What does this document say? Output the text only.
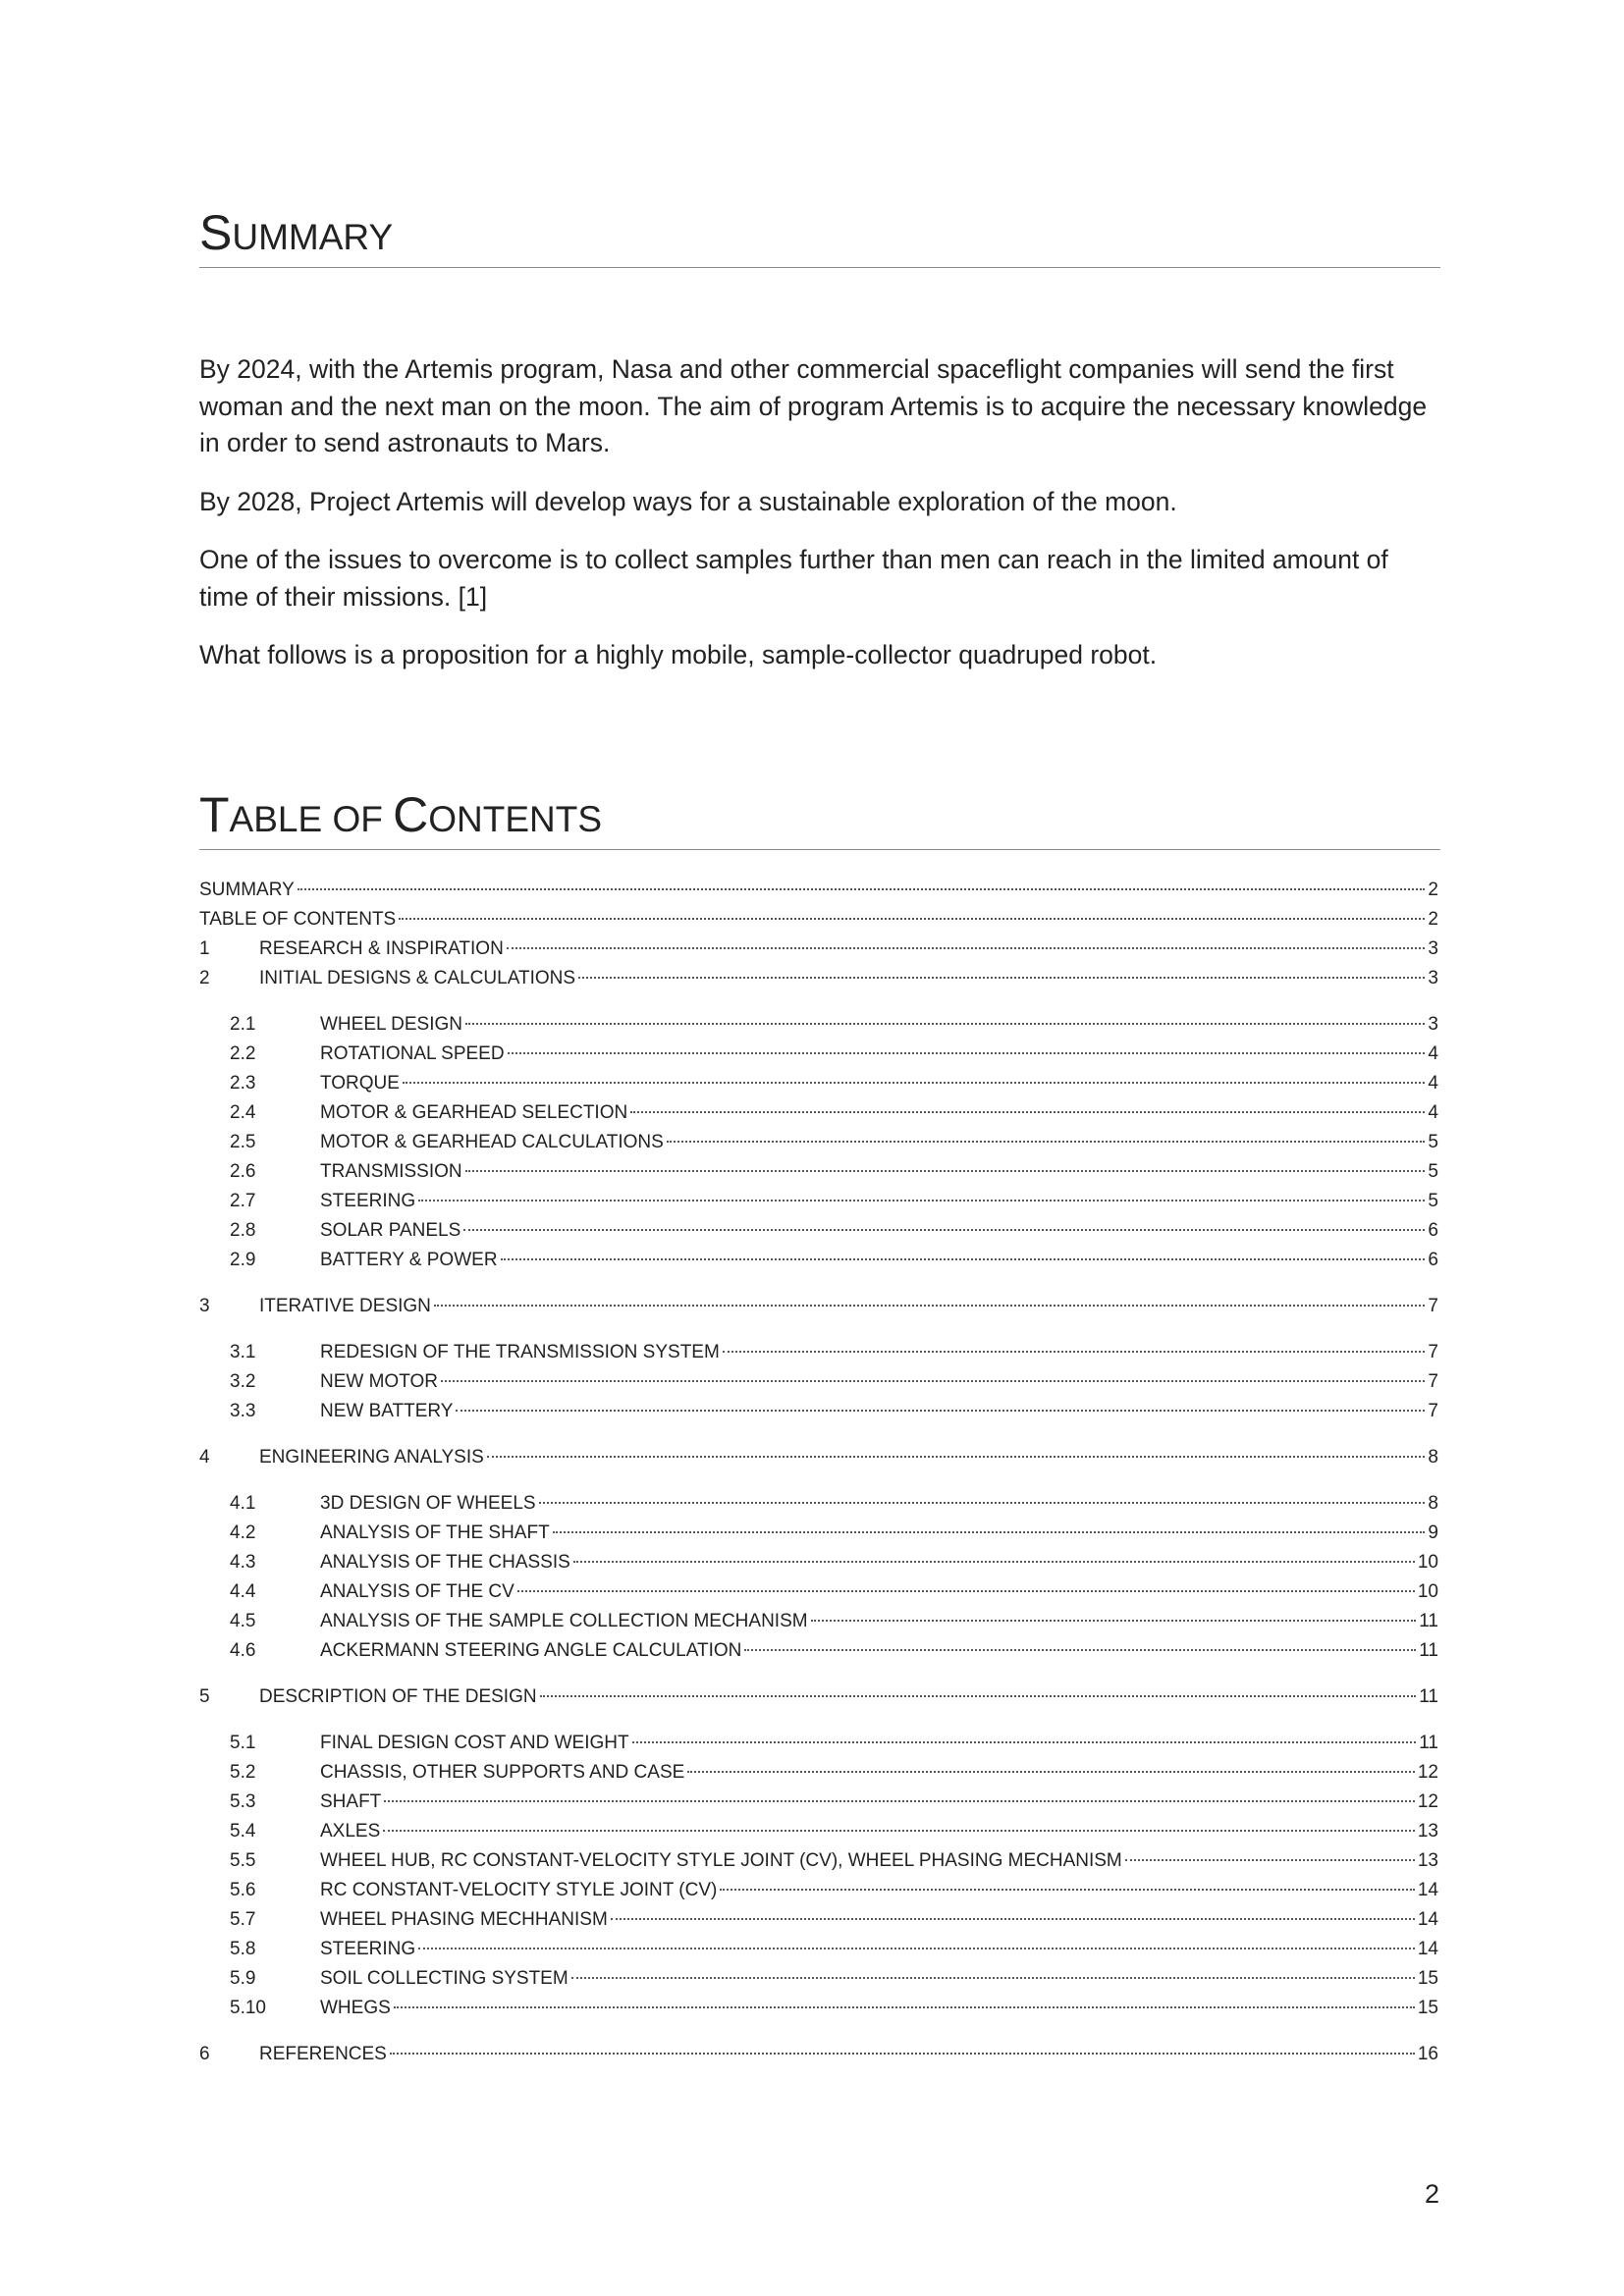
SUMMARY

By 2024, with the Artemis program, Nasa and other commercial spaceflight companies will send the first woman and the next man on the moon. The aim of program Artemis is to acquire the necessary knowledge in order to send astronauts to Mars.

By 2028, Project Artemis will develop ways for a sustainable exploration of the moon.

One of the issues to overcome is to collect samples further than men can reach in the limited amount of time of their missions. [1]

What follows is a proposition for a highly mobile, sample-collector quadruped robot.

TABLE OF CONTENTS
SUMMARY	2
TABLE OF CONTENTS	2
1	RESEARCH & INSPIRATION	3
2	INITIAL DESIGNS & CALCULATIONS	3
2.1	WHEEL DESIGN	3
2.2	ROTATIONAL SPEED	4
2.3	TORQUE	4
2.4	MOTOR & GEARHEAD SELECTION	4
2.5	MOTOR & GEARHEAD CALCULATIONS	5
2.6	TRANSMISSION	5
2.7	STEERING	5
2.8	SOLAR PANELS	6
2.9	BATTERY & POWER	6
3	ITERATIVE DESIGN	7
3.1	REDESIGN OF THE TRANSMISSION SYSTEM	7
3.2	NEW MOTOR	7
3.3	NEW BATTERY	7
4	ENGINEERING ANALYSIS	8
4.1	3D DESIGN OF WHEELS	8
4.2	ANALYSIS OF THE SHAFT	9
4.3	ANALYSIS OF THE CHASSIS	10
4.4	ANALYSIS OF THE CV	10
4.5	ANALYSIS OF THE SAMPLE COLLECTION MECHANISM	11
4.6	ACKERMANN STEERING ANGLE CALCULATION	11
5	DESCRIPTION OF THE DESIGN	11
5.1	FINAL DESIGN COST AND WEIGHT	11
5.2	CHASSIS, OTHER SUPPORTS AND CASE	12
5.3	SHAFT	12
5.4	AXLES	13
5.5	WHEEL HUB, RC CONSTANT-VELOCITY STYLE JOINT (CV), WHEEL PHASING MECHANISM	13
5.6	RC CONSTANT-VELOCITY STYLE JOINT (CV)	14
5.7	WHEEL PHASING MECHHANISM	14
5.8	STEERING	14
5.9	SOIL COLLECTING SYSTEM	15
5.10	WHEGS	15
6	REFERENCES	16
2
